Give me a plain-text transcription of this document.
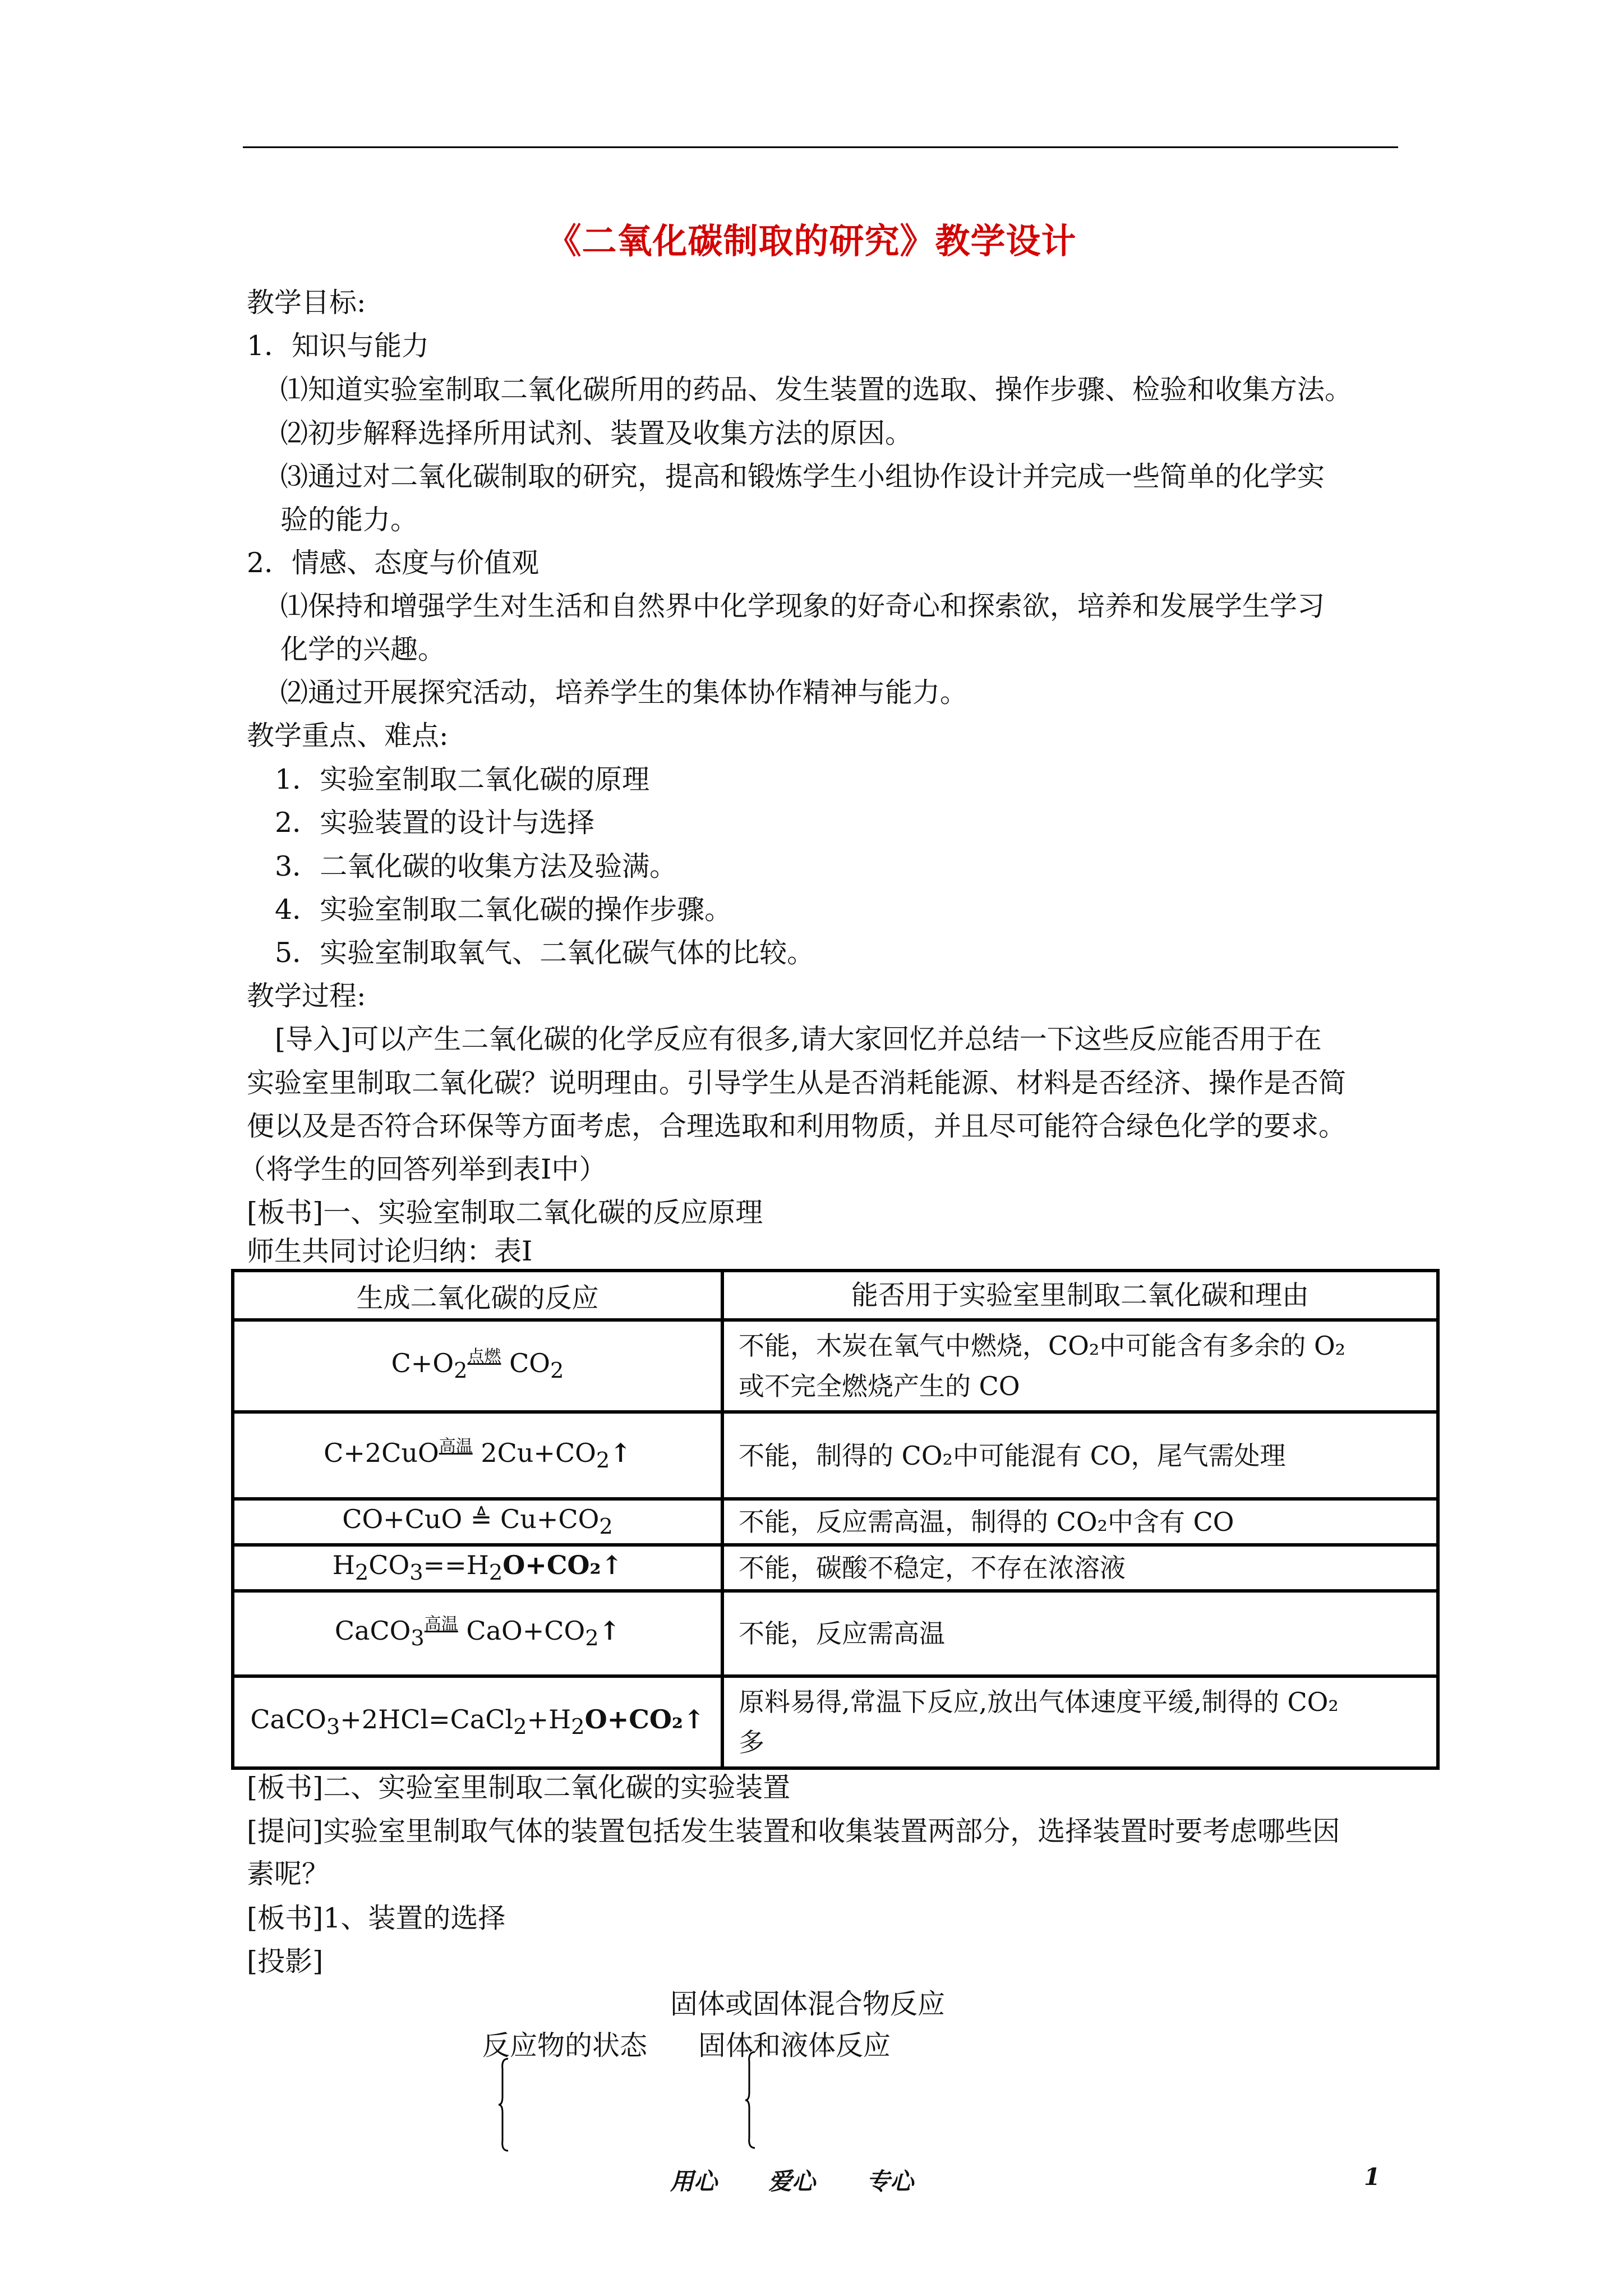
《二氧化碳制取的研究》教学设计
教学目标:
1．知识与能力
⑴知道实验室制取二氧化碳所用的药品、发生装置的选取、操作步骤、检验和收集方法。
⑵初步解释选择所用试剂、装置及收集方法的原因。
⑶通过对二氧化碳制取的研究，提高和锻炼学生小组协作设计并完成一些简单的化学实
验的能力。
2．情感、态度与价值观
⑴保持和增强学生对生活和自然界中化学现象的好奇心和探索欲，培养和发展学生学习
化学的兴趣。
⑵通过开展探究活动，培养学生的集体协作精神与能力。
教学重点、难点:
1．实验室制取二氧化碳的原理
2．实验装置的设计与选择
3．二氧化碳的收集方法及验满。
4．实验室制取二氧化碳的操作步骤。
5．实验室制取氧气、二氧化碳气体的比较。
教学过程:
[导入]可以产生二氧化碳的化学反应有很多,请大家回忆并总结一下这些反应能否用于在
实验室里制取二氧化碳？说明理由。引导学生从是否消耗能源、材料是否经济、操作是否简
便以及是否符合环保等方面考虑，合理选取和利用物质，并且尽可能符合绿色化学的要求。
（将学生的回答列举到表Ⅰ中）
[板书]一、实验室制取二氧化碳的反应原理
师生共同讨论归纳：表Ⅰ
生成二氧化碳的反应	能否用于实验室里制取二氧化碳和理由
$C+O_2^{点燃}$ $CO_2$	不能，木炭在氧气中燃烧，CO₂中可能含有多余的 O₂
或不完全燃烧产生的 CO

C+2CuO$^{高温}$ $2Cu+CO_2↑$	不能，制得的 CO₂中可能混有 CO，尾气需处理

CO+CuO ≜ $Cu+CO_2$	不能，反应需高温，制得的 CO₂中含有 CO

$H_2CO_3==H_2O+CO_2↑$	不能，碳酸不稳定，不存在浓溶液

CaCO$_3^{高温}$ $CaO+CO_2↑$	不能，反应需高温

$CaCO_3+2HCl=CaCl_2+H_2O+CO_2↑$	原料易得,常温下反应,放出气体速度平缓,制得的 CO₂
多
[板书]二、实验室里制取二氧化碳的实验装置
[提问]实验室里制取气体的装置包括发生装置和收集装置两部分，选择装置时要考虑哪些因
素呢？
[板书]1、装置的选择
[投影]
固体或固体混合物反应
反应物的状态 固体和液体反应
用心 爱心 专心	1
